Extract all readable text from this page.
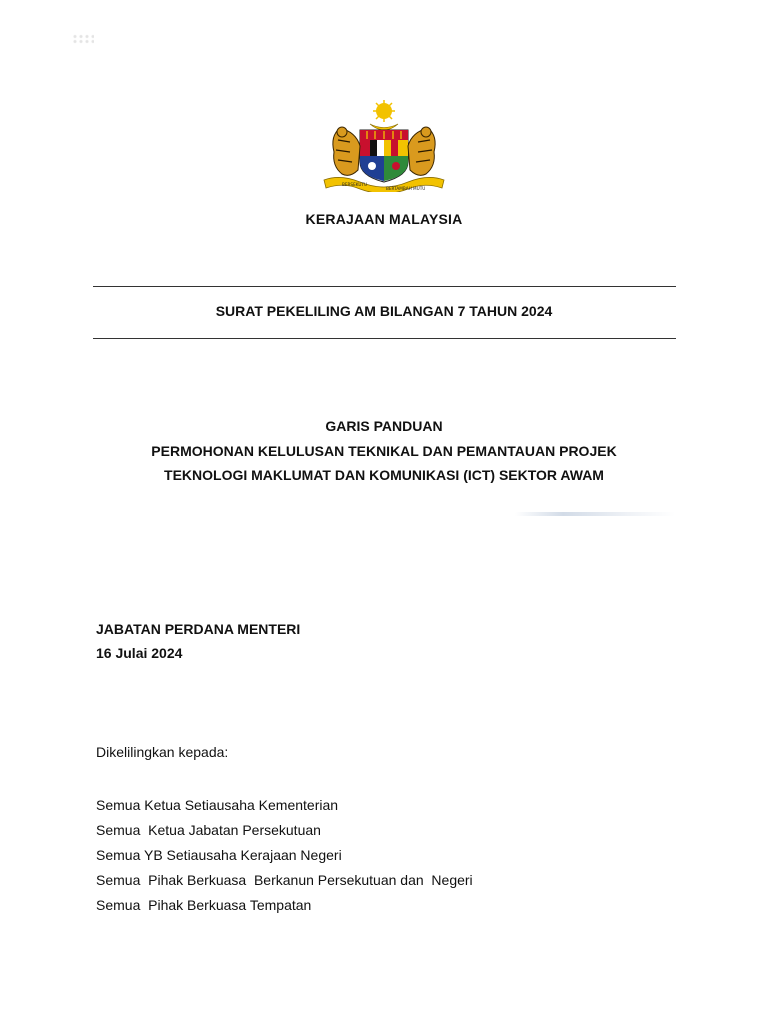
BERSEKUTU
BERTAMBAH MUTU
KERAJAAN MALAYSIA
SURAT PEKELILING AM BILANGAN 7 TAHUN 2024
GARIS PANDUAN
PERMOHONAN KELULUSAN TEKNIKAL DAN PEMANTAUAN PROJEK
TEKNOLOGI MAKLUMAT DAN KOMUNIKASI (ICT) SEKTOR AWAM
JABATAN PERDANA MENTERI
16 Julai 2024
Dikelilingkan kepada:
Semua Ketua Setiausaha Kementerian
Semua  Ketua Jabatan Persekutuan
Semua YB Setiausaha Kerajaan Negeri
Semua  Pihak Berkuasa  Berkanun Persekutuan dan  Negeri
Semua  Pihak Berkuasa Tempatan
